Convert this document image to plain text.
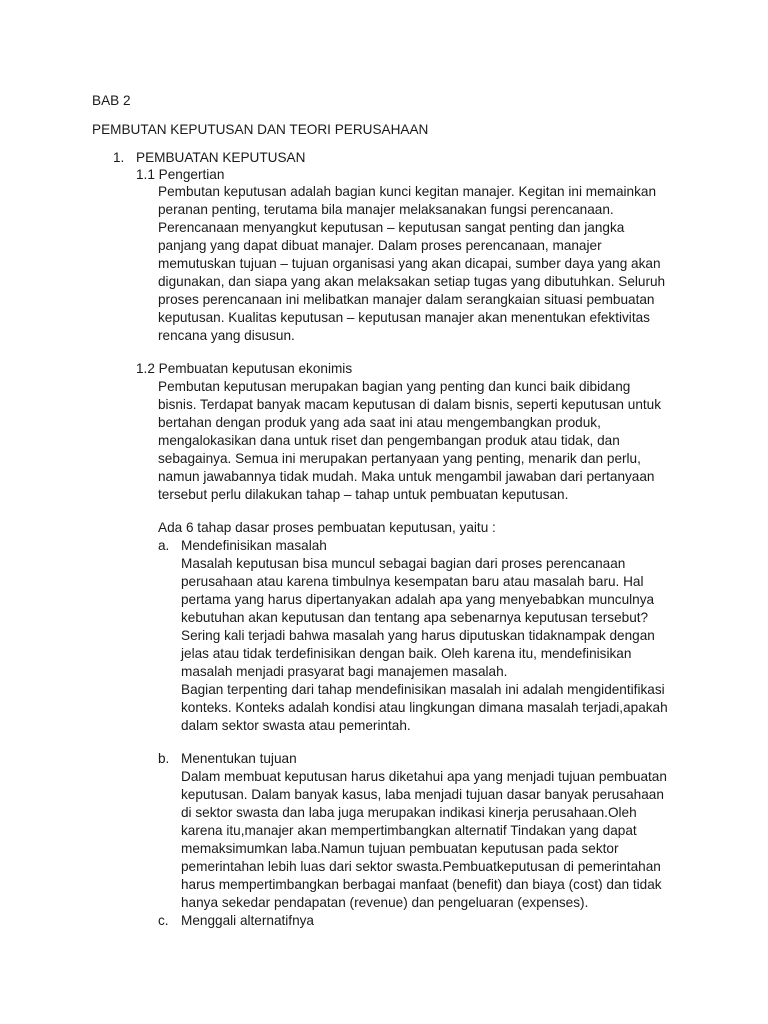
BAB 2
PEMBUTAN KEPUTUSAN DAN TEORI PERUSAHAAN
1. PEMBUATAN KEPUTUSAN
1.1 Pengertian
Pembutan keputusan adalah bagian kunci kegitan manajer. Kegitan ini memainkan
peranan penting, terutama bila manajer melaksanakan fungsi perencanaan.
Perencanaan menyangkut keputusan – keputusan sangat penting dan jangka
panjang yang dapat dibuat manajer. Dalam proses perencanaan, manajer
memutuskan tujuan – tujuan organisasi yang akan dicapai, sumber daya yang akan
digunakan, dan siapa yang akan melaksakan setiap tugas yang dibutuhkan. Seluruh
proses perencanaan ini melibatkan manajer dalam serangkaian situasi pembuatan
keputusan. Kualitas keputusan – keputusan manajer akan menentukan efektivitas
rencana yang disusun.
1.2 Pembuatan keputusan ekonimis
Pembutan keputusan merupakan bagian yang penting dan kunci baik dibidang
bisnis. Terdapat banyak macam keputusan di dalam bisnis, seperti keputusan untuk
bertahan dengan produk yang ada saat ini atau mengembangkan produk,
mengalokasikan dana untuk riset dan pengembangan produk atau tidak, dan
sebagainya. Semua ini merupakan pertanyaan yang penting, menarik dan perlu,
namun jawabannya tidak mudah. Maka untuk mengambil jawaban dari pertanyaan
tersebut perlu dilakukan tahap – tahap untuk pembuatan keputusan.
Ada 6 tahap dasar proses pembuatan keputusan, yaitu :
a. Mendefinisikan masalah
Masalah keputusan bisa muncul sebagai bagian dari proses perencanaan
perusahaan atau karena timbulnya kesempatan baru atau masalah baru. Hal
pertama yang harus dipertanyakan adalah apa yang menyebabkan munculnya
kebutuhan akan keputusan dan tentang apa sebenarnya keputusan tersebut?
Sering kali terjadi bahwa masalah yang harus diputuskan tidaknampak dengan
jelas atau tidak terdefinisikan dengan baik. Oleh karena itu, mendefinisikan
masalah menjadi prasyarat bagi manajemen masalah.
Bagian terpenting dari tahap mendefinisikan masalah ini adalah mengidentifikasi
konteks. Konteks adalah kondisi atau lingkungan dimana masalah terjadi,apakah
dalam sektor swasta atau pemerintah.
b. Menentukan tujuan
Dalam membuat keputusan harus diketahui apa yang menjadi tujuan pembuatan
keputusan. Dalam banyak kasus, laba menjadi tujuan dasar banyak perusahaan
di sektor swasta dan laba juga merupakan indikasi kinerja perusahaan.Oleh
karena itu,manajer akan mempertimbangkan alternatif Tindakan yang dapat
memaksimumkan laba.Namun tujuan pembuatan keputusan pada sektor
pemerintahan lebih luas dari sektor swasta.Pembuatkeputusan di pemerintahan
harus mempertimbangkan berbagai manfaat (benefit) dan biaya (cost) dan tidak
hanya sekedar pendapatan (revenue) dan pengeluaran (expenses).
c. Menggali alternatifnya
